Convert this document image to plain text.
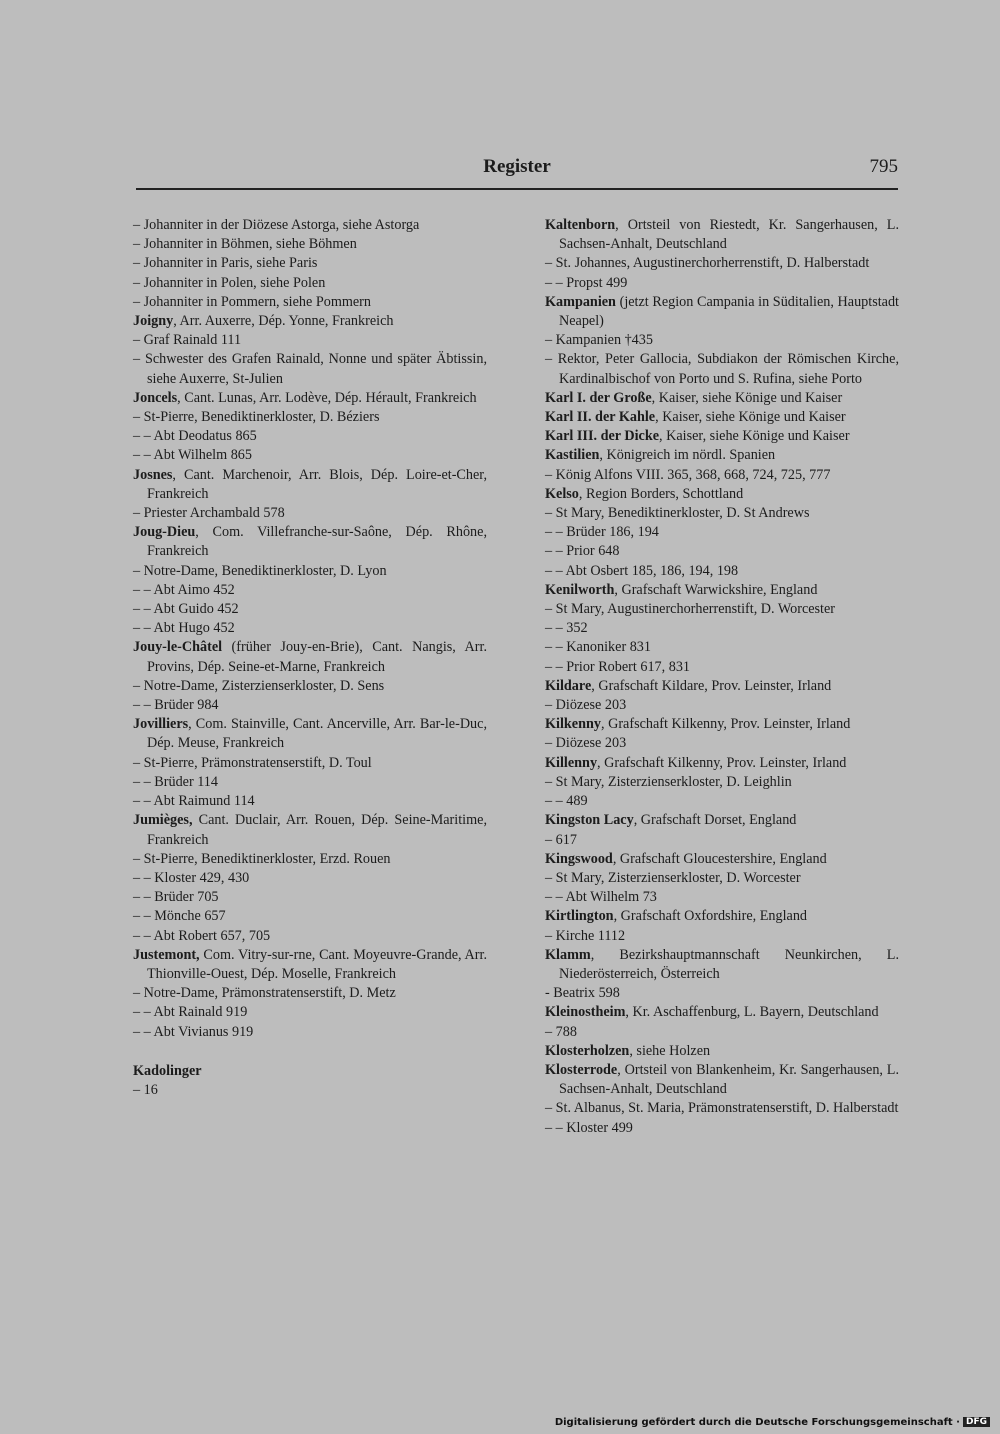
Register	795

– Johanniter in der Diözese Astorga, siehe Astorga

– Johanniter in Böhmen, siehe Böhmen

– Johanniter in Paris, siehe Paris

– Johanniter in Polen, siehe Polen

– Johanniter in Pommern, siehe Pommern

Joigny, Arr. Auxerre, Dép. Yonne, Frankreich

– Graf Rainald 111

– Schwester des Grafen Rainald, Nonne und später Äbtissin, siehe Auxerre, St-Julien

Joncels, Cant. Lunas, Arr. Lodève, Dép. Hérault, Frankreich

– St-Pierre, Benediktinerkloster, D. Béziers

– – Abt Deodatus 865

– – Abt Wilhelm 865

Josnes, Cant. Marchenoir, Arr. Blois, Dép. Loire-et-Cher, Frankreich

– Priester Archambald 578

Joug-Dieu, Com. Villefranche-sur-Saône, Dép. Rhône, Frankreich

– Notre-Dame, Benediktinerkloster, D. Lyon

– – Abt Aimo 452

– – Abt Guido 452

– – Abt Hugo 452

Jouy-le-Châtel (früher Jouy-en-Brie), Cant. Nangis, Arr. Provins, Dép. Seine-et-Marne, Frankreich

– Notre-Dame, Zisterzienserkloster, D. Sens

– – Brüder 984

Jovilliers, Com. Stainville, Cant. Ancerville, Arr. Bar-le-Duc, Dép. Meuse, Frankreich

– St-Pierre, Prämonstratenserstift, D. Toul

– – Brüder 114

– – Abt Raimund 114

Jumièges, Cant. Duclair, Arr. Rouen, Dép. Seine-Maritime, Frankreich

– St-Pierre, Benediktinerkloster, Erzd. Rouen

– – Kloster 429, 430

– – Brüder 705

– – Mönche 657

– – Abt Robert 657, 705

Justemont, Com. Vitry-sur-rne, Cant. Moyeuvre-Grande, Arr. Thionville-Ouest, Dép. Moselle, Frankreich

– Notre-Dame, Prämonstratenserstift, D. Metz

– – Abt Rainald 919

– – Abt Vivianus 919

Kadolinger

– 16

Kaltenborn, Ortsteil von Riestedt, Kr. Sangerhausen, L. Sachsen-Anhalt, Deutschland

– St. Johannes, Augustinerchorherrenstift, D. Halberstadt

– – Propst 499

Kampanien (jetzt Region Campania in Süditalien, Hauptstadt Neapel)

– Kampanien †435

– Rektor, Peter Gallocia, Subdiakon der Römischen Kirche, Kardinalbischof von Porto und S. Rufina, siehe Porto

Karl I. der Große, Kaiser, siehe Könige und Kaiser

Karl II. der Kahle, Kaiser, siehe Könige und Kaiser

Karl III. der Dicke, Kaiser, siehe Könige und Kaiser

Kastilien, Königreich im nördl. Spanien

– König Alfons VIII. 365, 368, 668, 724, 725, 777

Kelso, Region Borders, Schottland

– St Mary, Benediktinerkloster, D. St Andrews

– – Brüder 186, 194

– – Prior 648

– – Abt Osbert 185, 186, 194, 198

Kenilworth, Grafschaft Warwickshire, England

– St Mary, Augustinerchorherrenstift, D. Worcester

– – 352

– – Kanoniker 831

– – Prior Robert 617, 831

Kildare, Grafschaft Kildare, Prov. Leinster, Irland

– Diözese 203

Kilkenny, Grafschaft Kilkenny, Prov. Leinster, Irland

– Diözese 203

Killenny, Grafschaft Kilkenny, Prov. Leinster, Irland

– St Mary, Zisterzienserkloster, D. Leighlin

– – 489

Kingston Lacy, Grafschaft Dorset, England

– 617

Kingswood, Grafschaft Gloucestershire, England

– St Mary, Zisterzienserkloster, D. Worcester

– – Abt Wilhelm 73

Kirtlington, Grafschaft Oxfordshire, England

– Kirche 1112

Klamm, Bezirkshauptmannschaft Neunkirchen, L. Niederösterreich, Österreich

- Beatrix 598

Kleinostheim, Kr. Aschaffenburg, L. Bayern, Deutschland

– 788

Klosterholzen, siehe Holzen

Klosterrode, Ortsteil von Blankenheim, Kr. Sangerhausen, L. Sachsen-Anhalt, Deutschland

– St. Albanus, St. Maria, Prämonstratenserstift, D. Halberstadt

– – Kloster 499

Digitalisierung gefördert durch die Deutsche Forschungsgemeinschaft · DFG
